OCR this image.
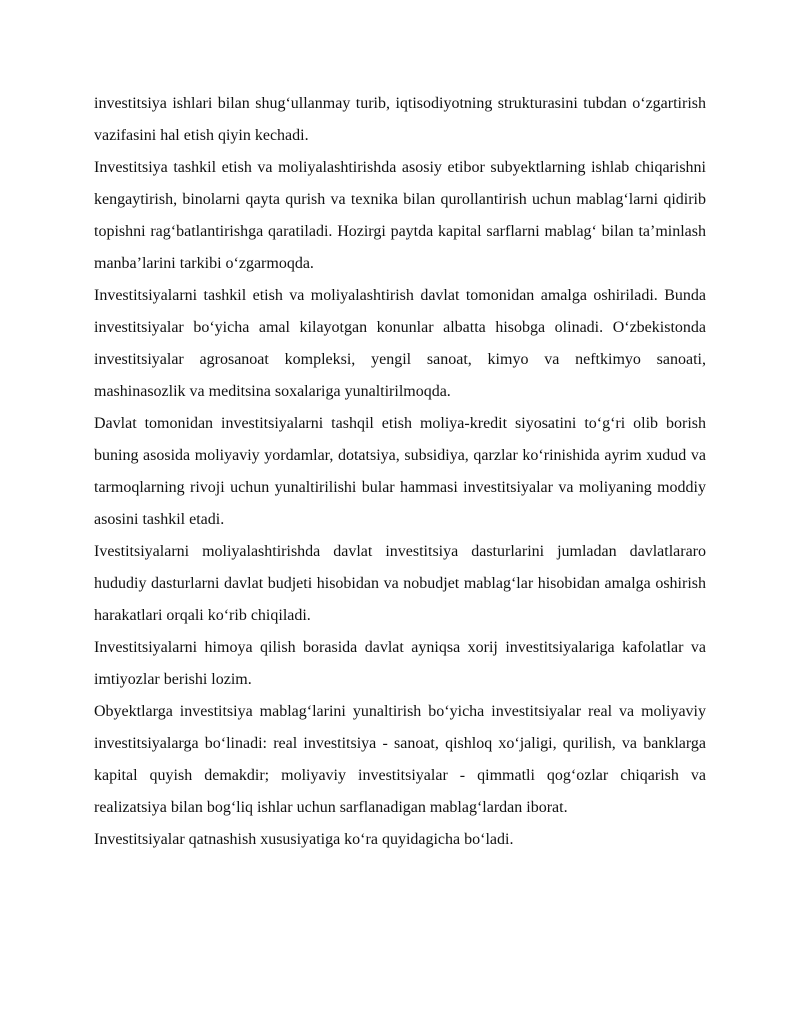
investitsiya ishlari bilan shug‘ullanmay turib, iqtisodiyotning strukturasini tubdan o‘zgartirish vazifasini hal etish qiyin kechadi.

Investitsiya tashkil etish va moliyalashtirishda asosiy etibor subyektlarning ishlab chiqarishni kengaytirish, binolarni qayta qurish va texnika bilan qurollantirish uchun mablag‘larni qidirib topishni rag‘batlantirishga qaratiladi. Hozirgi paytda kapital sarflarni mablag‘ bilan ta’minlash manba’larini tarkibi o‘zgarmoqda.

Investitsiyalarni tashkil etish va moliyalashtirish davlat tomonidan amalga oshiriladi. Bunda investitsiyalar bo‘yicha amal kilayotgan konunlar albatta hisobga olinadi. O‘zbekistonda investitsiyalar agrosanoat kompleksi, yengil sanoat, kimyo va neftkimyo sanoati, mashinasozlik va meditsina soxalariga yunaltirilmoqda.

Davlat tomonidan investitsiyalarni tashqil etish moliya-kredit siyosatini to‘g‘ri olib borish buning asosida moliyaviy yordamlar, dotatsiya, subsidiya, qarzlar ko‘rinishida ayrim xudud va tarmoqlarning rivoji uchun yunaltirilishi bular hammasi investitsiyalar va moliyaning moddiy asosini tashkil etadi.

Ivestitsiyalarni moliyalashtirishda davlat investitsiya dasturlarini jumladan davlatlararo hududiy dasturlarni davlat budjeti hisobidan va nobudjet mablag‘lar hisobidan amalga oshirish harakatlari orqali ko‘rib chiqiladi.

Investitsiyalarni himoya qilish borasida davlat ayniqsa xorij investitsiyalariga kafolatlar va imtiyozlar berishi lozim.

Obyektlarga investitsiya mablag‘larini yunaltirish bo‘yicha investitsiyalar real va moliyaviy investitsiyalarga bo‘linadi: real investitsiya - sanoat, qishloq xo‘jaligi, qurilish, va banklarga kapital quyish demakdir; moliyaviy investitsiyalar - qimmatli qog‘ozlar chiqarish va realizatsiya bilan bog‘liq ishlar uchun sarflanadigan mablag‘lardan iborat.

Investitsiyalar qatnashish xususiyatiga ko‘ra quyidagicha bo‘ladi.
